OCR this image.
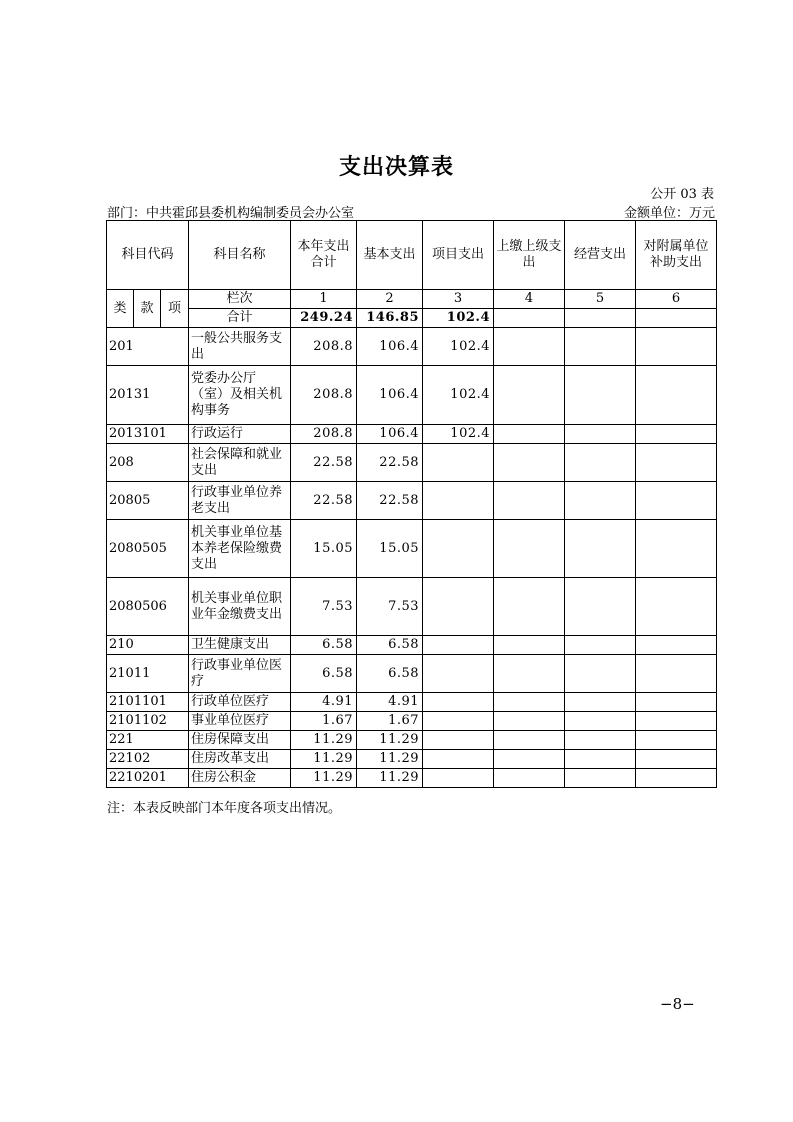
支出决算表
公开 03 表
部门：中共霍邱县委机构编制委员会办公室	金额单位：万元
科目代码			科目名称	本年支出合计	基本支出	项目支出	上缴上级支出	经营支出	对附属单位补助支出
类	款	项	栏次	1	2	3	4	5	6
			合计	249.24	146.85	102.4			
201			一般公共服务支出	208.8	106.4	102.4			
20131			党委办公厅（室）及相关机构事务	208.8	106.4	102.4			
2013101			行政运行	208.8	106.4	102.4			
208			社会保障和就业支出	22.58	22.58				
20805			行政事业单位养老支出	22.58	22.58				
2080505			机关事业单位基本养老保险缴费支出	15.05	15.05				
2080506			机关事业单位职业年金缴费支出	7.53	7.53				
210			卫生健康支出	6.58	6.58				
21011			行政事业单位医疗	6.58	6.58				
2101101			行政单位医疗	4.91	4.91				
2101102			事业单位医疗	1.67	1.67				
221			住房保障支出	11.29	11.29				
22102			住房改革支出	11.29	11.29				
2210201			住房公积金	11.29	11.29				
注：本表反映部门本年度各项支出情况。
−8−
